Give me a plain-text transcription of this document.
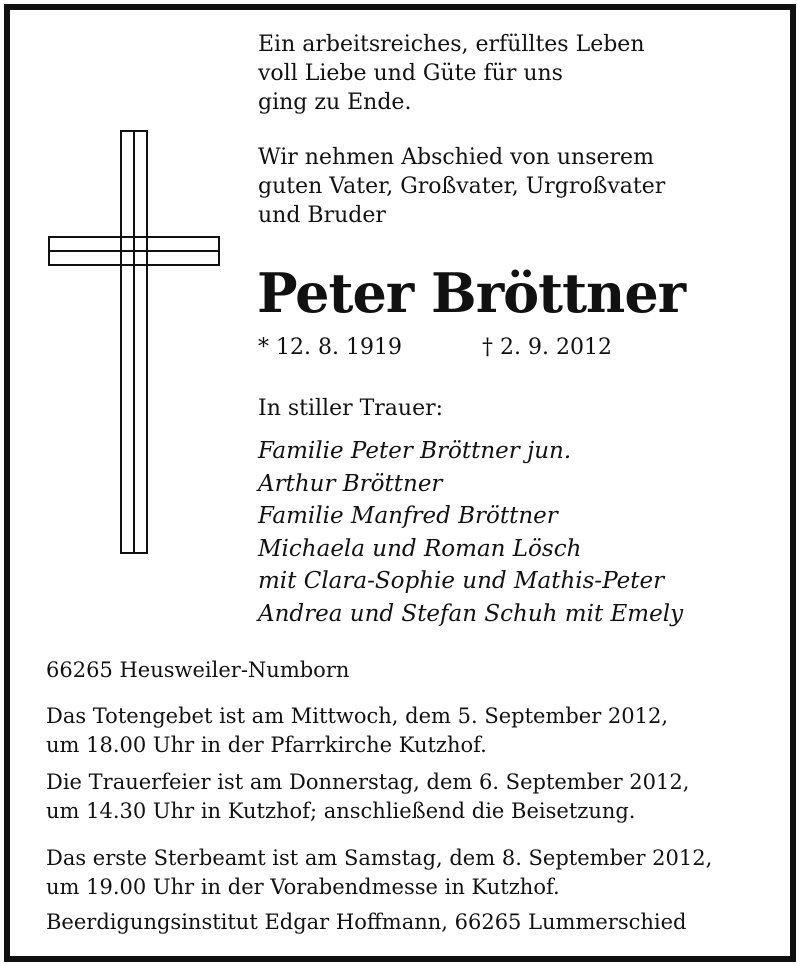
Ein arbeitsreiches, erfülltes Leben
voll Liebe und Güte für uns
ging zu Ende.
Wir nehmen Abschied von unserem
guten Vater, Großvater, Urgroßvater
und Bruder
Peter Bröttner
* 12. 8. 1919	† 2. 9. 2012
In stiller Trauer:
Familie Peter Bröttner jun.
Arthur Bröttner
Familie Manfred Bröttner
Michaela und Roman Lösch
mit Clara-Sophie und Mathis-Peter
Andrea und Stefan Schuh mit Emely
66265 Heusweiler-Numborn
Das Totengebet ist am Mittwoch, dem 5. September 2012,
um 18.00 Uhr in der Pfarrkirche Kutzhof.
Die Trauerfeier ist am Donnerstag, dem 6. September 2012,
um 14.30 Uhr in Kutzhof; anschließend die Beisetzung.
Das erste Sterbeamt ist am Samstag, dem 8. September 2012,
um 19.00 Uhr in der Vorabendmesse in Kutzhof.
Beerdigungsinstitut Edgar Hoffmann, 66265 Lummerschied
